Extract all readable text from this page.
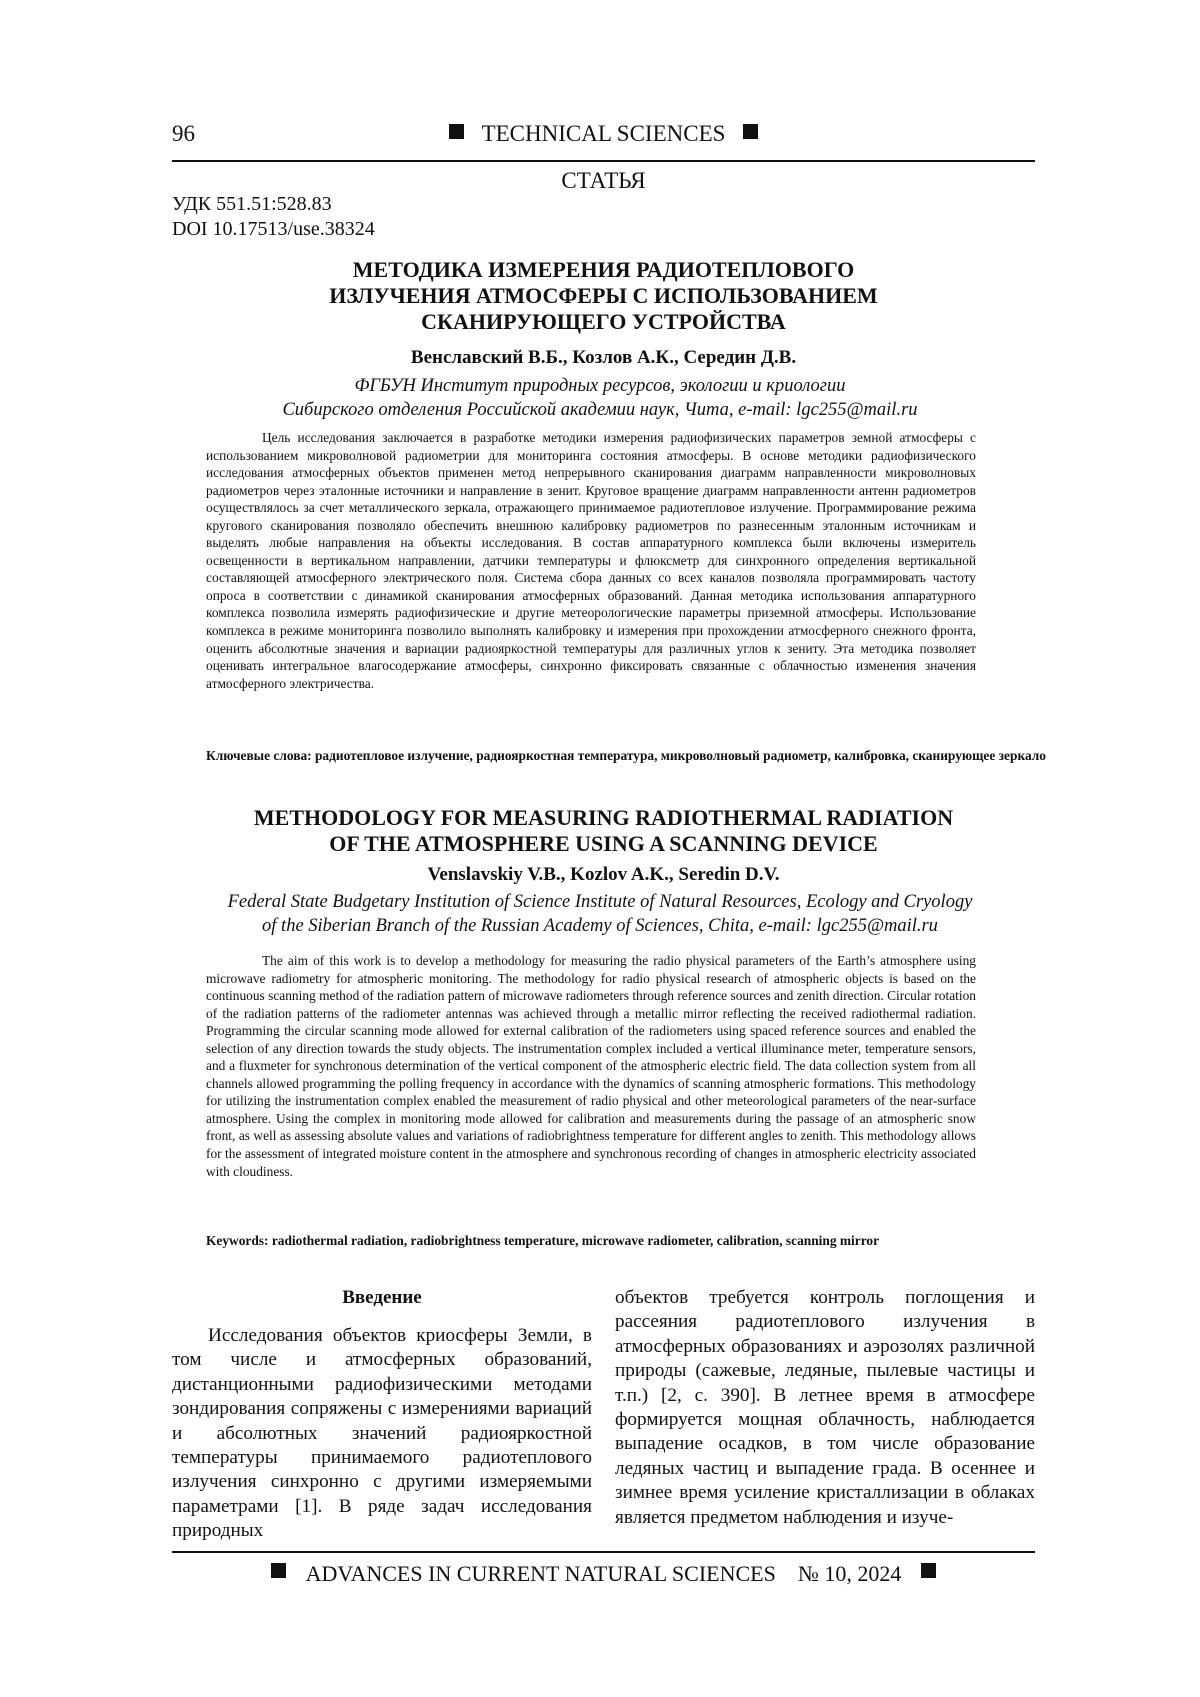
96	TECHNICAL SCIENCES
СТАТЬЯ
УДК 551.51:528.83
DOI 10.17513/use.38324
МЕТОДИКА ИЗМЕРЕНИЯ РАДИОТЕПЛОВОГО
ИЗЛУЧЕНИЯ АТМОСФЕРЫ С ИСПОЛЬЗОВАНИЕМ
СКАНИРУЮЩЕГО УСТРОЙСТВА
Венславский В.Б., Козлов А.К., Середин Д.В.
ФГБУН Институт природных ресурсов, экологии и криологии
Сибирского отделения Российской академии наук, Чита, e-mail: lgc255@mail.ru
Цель исследования заключается в разработке методики измерения радиофизических параметров земной атмосферы с использованием микроволновой радиометрии для мониторинга состояния атмосферы. В основе методики радиофизического исследования атмосферных объектов применен метод непрерывного сканирования диаграмм направленности микроволновых радиометров через эталонные источники и направление в зенит. Круговое вращение диаграмм направленности антенн радиометров осуществлялось за счет металлического зеркала, отражающего принимаемое радиотепловое излучение. Программирование режима кругового сканирования позволяло обеспечить внешнюю калибровку радиометров по разнесенным эталонным источникам и выделять любые направления на объекты исследования. В состав аппаратурного комплекса были включены измеритель освещенности в вертикальном направлении, датчики температуры и флюксметр для синхронного определения вертикальной составляющей атмосферного электрического поля. Система сбора данных со всех каналов позволяла программировать частоту опроса в соответствии с динамикой сканирования атмосферных образований. Данная методика использования аппаратурного комплекса позволила измерять радиофизические и другие метеорологические параметры приземной атмосферы. Использование комплекса в режиме мониторинга позволило выполнять калибровку и измерения при прохождении атмосферного снежного фронта, оценить абсолютные значения и вариации радиояркостной температуры для различных углов к зениту. Эта методика позволяет оценивать интегральное влагосодержание атмосферы, синхронно фиксировать связанные с облачностью изменения значения атмосферного электричества.
Ключевые слова: радиотепловое излучение, радиояркостная температура, микроволновый радиометр, калибровка, сканирующее зеркало
METHODOLOGY FOR MEASURING RADIOTHERMAL RADIATION
OF THE ATMOSPHERE USING A SCANNING DEVICE
Venslavskiy V.B., Kozlov A.K., Seredin D.V.
Federal State Budgetary Institution of Science Institute of Natural Resources, Ecology and Cryology
of the Siberian Branch of the Russian Academy of Sciences, Chita, e-mail: lgc255@mail.ru
The aim of this work is to develop a methodology for measuring the radio physical parameters of the Earth’s atmosphere using microwave radiometry for atmospheric monitoring. The methodology for radio physical research of atmospheric objects is based on the continuous scanning method of the radiation pattern of microwave radiometers through reference sources and zenith direction. Circular rotation of the radiation patterns of the radiometer antennas was achieved through a metallic mirror reflecting the received radiothermal radiation. Programming the circular scanning mode allowed for external calibration of the radiometers using spaced reference sources and enabled the selection of any direction towards the study objects. The instrumentation complex included a vertical illuminance meter, temperature sensors, and a fluxmeter for synchronous determination of the vertical component of the atmospheric electric field. The data collection system from all channels allowed programming the polling frequency in accordance with the dynamics of scanning atmospheric formations. This methodology for utilizing the instrumentation complex enabled the measurement of radio physical and other meteorological parameters of the near-surface atmosphere. Using the complex in monitoring mode allowed for calibration and measurements during the passage of an atmospheric snow front, as well as assessing absolute values and variations of radiobrightness temperature for different angles to zenith. This methodology allows for the assessment of integrated moisture content in the atmosphere and synchronous recording of changes in atmospheric electricity associated with cloudiness.
Keywords: radiothermal radiation, radiobrightness temperature, microwave radiometer, calibration, scanning mirror
Введение

Исследования объектов криосферы Земли, в том числе и атмосферных образований, дистанционными радиофизическими методами зондирования сопряжены с измерениями вариаций и абсолютных значений радиояркостной температуры принимаемого радиотеплового излучения синхронно с другими измеряемыми параметрами [1]. В ряде задач исследования природных

объектов требуется контроль поглощения и рассеяния радиотеплового излучения в атмосферных образованиях и аэрозолях различной природы (сажевые, ледяные, пылевые частицы и т.п.) [2, с. 390]. В летнее время в атмосфере формируется мощная облачность, наблюдается выпадение осадков, в том числе образование ледяных частиц и выпадение града. В осеннее и зимнее время усиление кристаллизации в облаках является предметом наблюдения и изуче-

ADVANCES IN CURRENT NATURAL SCIENCES № 10, 2024
